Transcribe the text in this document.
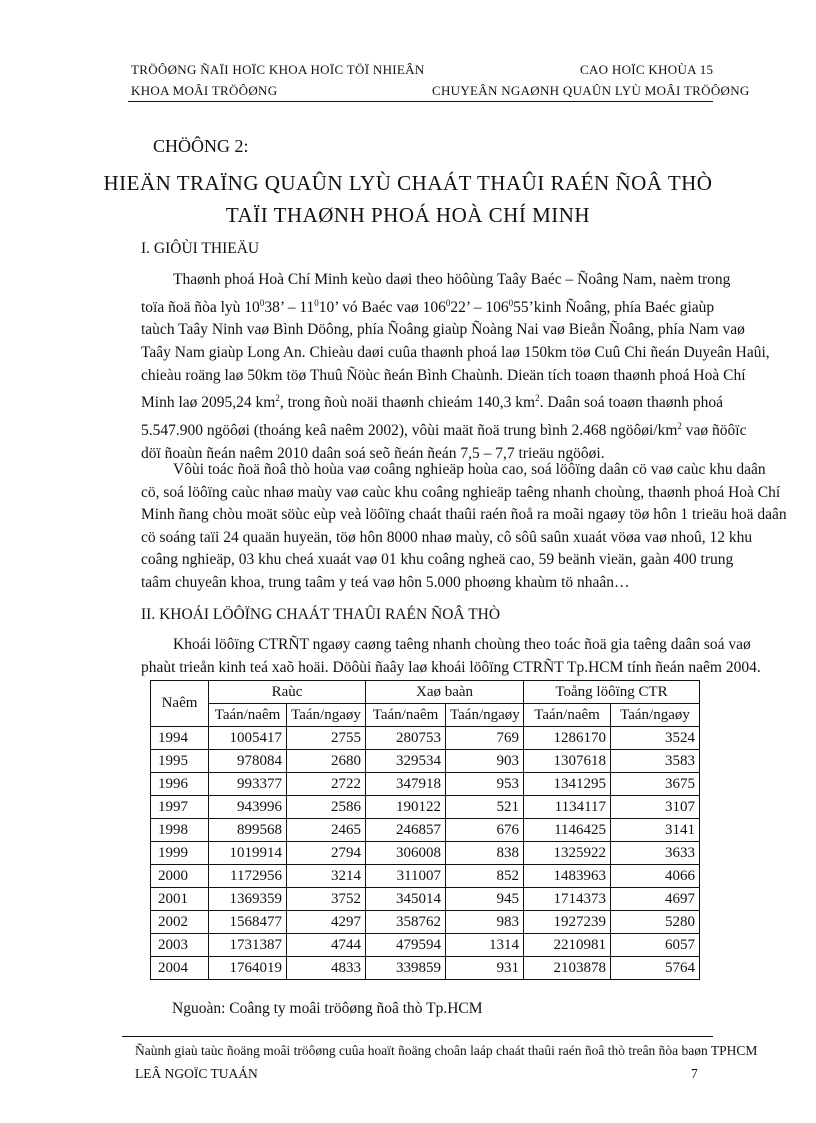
TRÖÔØNG ÑAÏI HOÏC KHOA HOÏC TÖÏ NHIEÂN	CAO HOÏC KHOÙA 15
KHOA MOÂI TRÖÔØNG	CHUYEÂN NGAØNH QUAÛN LYÙ MOÂI TRÖÔØNG
CHÖÔNG 2:
HIEÄN TRAÏNG QUAÛN LYÙ CHAÁT THAÛI RAÉN ÑOÂ THÒ
TAÏI THAØNH PHOÁ HOÀ CHÍ MINH
I. GIÔÙI THIEÄU
Thaønh phoá Hoà Chí Minh keùo daøi theo höôùng Taây Baéc – Ñoâng Nam, naèm trong
toïa ñoä ñòa lyù $10^038$’ – $11^010$’ vó Baéc vaø $106^022$’ – $106^055’kinh$ Ñoâng, phía Baéc giaùp
taùch Taây Ninh vaø Bình Döông, phía Ñoâng giaùp Ñoàng Nai vaø Bieån Ñoâng, phía Nam vaø
Taây Nam giaùp Long An. Chieàu daøi cuûa thaønh phoá laø 150km töø Cuû Chi ñeán Duyeân Haûi,
chieàu roäng laø 50km töø Thuû Ñöùc ñeán Bình Chaùnh. Dieän tích toaøn thaønh phoá Hoà Chí
Minh laø 2095,24 $km^2$, trong ñoù noäi thaønh chieám 140,3 $km^2$. Daân soá toaøn thaønh phoá
5.547.900 ngöôøi (thoáng keâ naêm 2002), vôùi maät ñoä trung bình 2.468 ngöôøi/$km^2$ vaø ñöôïc
döï ñoaùn ñeán naêm 2010 daân soá seõ ñeán ñeán 7,5 – 7,7 trieäu ngöôøi.
Vôùi toác ñoä ñoâ thò hoùa vaø coâng nghieäp hoùa cao, soá löôïng daân cö vaø caùc khu daân
cö, soá löôïng caùc nhaø maùy vaø caùc khu coâng nghieäp taêng nhanh choùng, thaønh phoá Hoà Chí
Minh ñang chòu moät söùc eùp veà löôïng chaát thaûi raén ñoå ra moãi ngaøy töø hôn 1 trieäu hoä daân
cö soáng taïi 24 quaän huyeän, töø hôn 8000 nhaø maùy, cô sôû saûn xuaát vöøa vaø nhoû, 12 khu
coâng nghieäp, 03 khu cheá xuaát vaø 01 khu coâng ngheä cao, 59 beänh vieän, gaàn 400 trung
taâm chuyeân khoa, trung taâm y teá vaø hôn 5.000 phoøng khaùm tö nhaân…
II. KHOÁI LÖÔÏNG CHAÁT THAÛI RAÉN ÑOÂ THÒ
Khoái löôïng CTRÑT ngaøy caøng taêng nhanh choùng theo toác ñoä gia taêng daân soá vaø
phaùt trieån kinh teá xaõ hoäi. Döôùi ñaây laø khoái löôïng CTRÑT Tp.HCM tính ñeán naêm 2004.
Naêm	Raùc		Xaø baàn		Toång löôïng CTR	
	Taán/naêm	Taán/ngaøy	Taán/naêm	Taán/ngaøy	Taán/naêm	Taán/ngaøy
1994	1005417	2755	280753	769	1286170	3524
1995	978084	2680	329534	903	1307618	3583
1996	993377	2722	347918	953	1341295	3675
1997	943996	2586	190122	521	1134117	3107
1998	899568	2465	246857	676	1146425	3141
1999	1019914	2794	306008	838	1325922	3633
2000	1172956	3214	311007	852	1483963	4066
2001	1369359	3752	345014	945	1714373	4697
2002	1568477	4297	358762	983	1927239	5280
2003	1731387	4744	479594	1314	2210981	6057
2004	1764019	4833	339859	931	2103878	5764
Nguoàn: Coâng ty moâi tröôøng ñoâ thò Tp.HCM
Ñaùnh giaù taùc ñoäng moâi tröôøng cuûa hoaït ñoäng choân laáp chaát thaûi raén ñoâ thò treân ñòa baøn TPHCM
LEÂ NGOÏC TUAÁN	7
